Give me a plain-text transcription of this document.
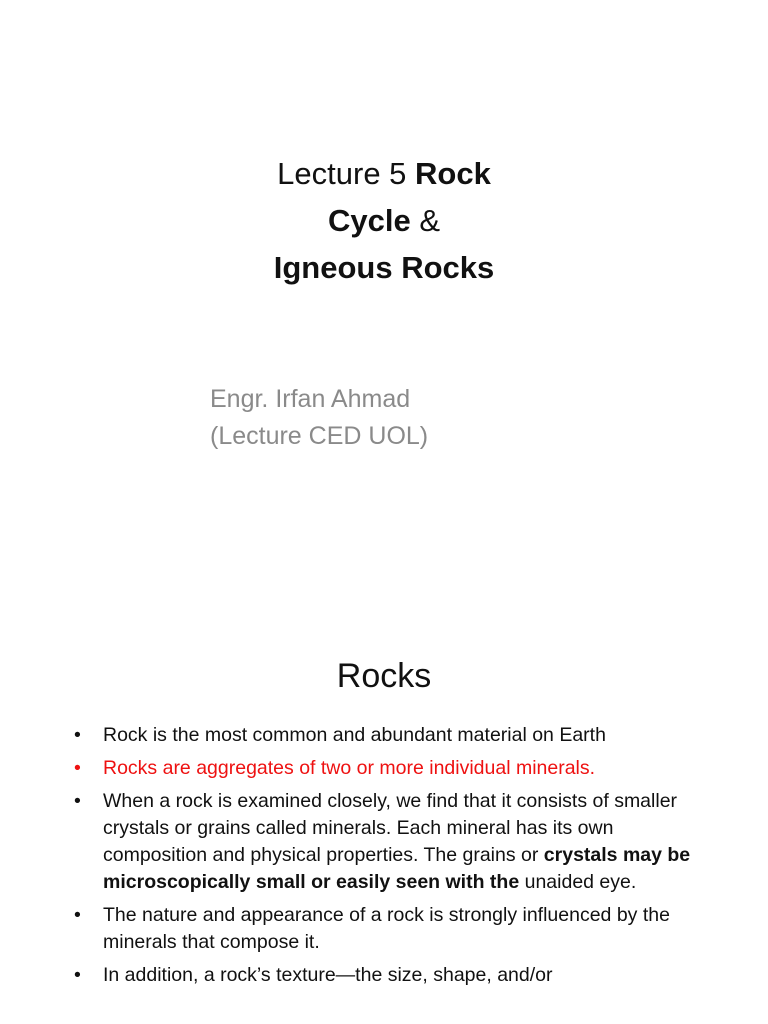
Lecture 5 Rock
Cycle &
Igneous Rocks
Engr. Irfan Ahmad
(Lecture CED UOL)
Rocks
• Rock is the most common and abundant material on Earth
• Rocks are aggregates of two or more individual minerals.
• When a rock is examined closely, we find that it consists of smaller crystals or grains called minerals. Each mineral has its own composition and physical properties. The grains or crystals may be microscopically small or easily seen with the unaided eye.
• The nature and appearance of a rock is strongly influenced by the minerals that compose it.
• In addition, a rock’s texture—the size, shape, and/or
